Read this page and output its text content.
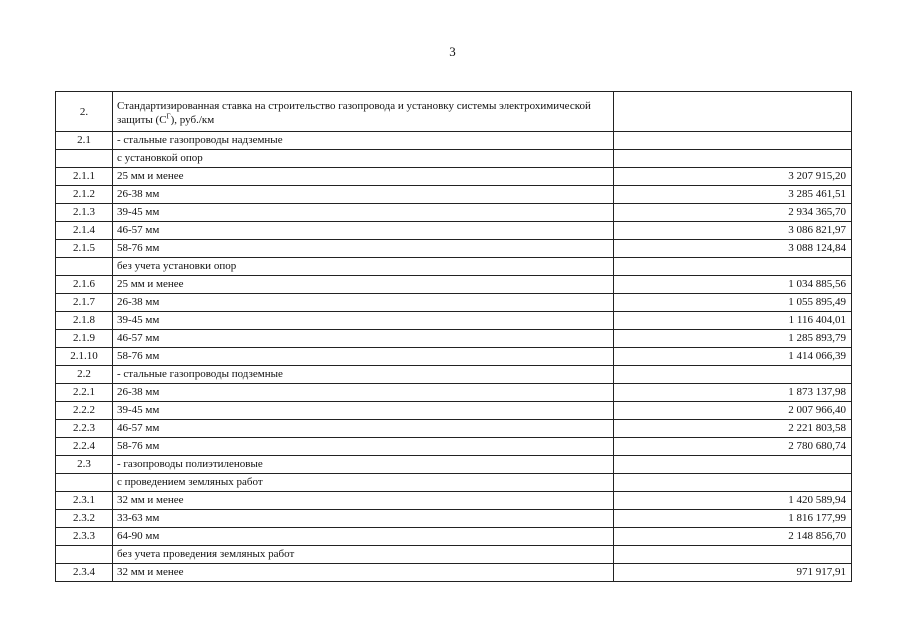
3
2.	Стандартизированная ставка на строительство газопровода и установку системы электрохимической защиты $(C^Г)$, руб./км	
2.1	- стальные газопроводы надземные	
	с установкой опор	
2.1.1	25 мм и менее	3 207 915,20
2.1.2	26-38 мм	3 285 461,51
2.1.3	39-45 мм	2 934 365,70
2.1.4	46-57 мм	3 086 821,97
2.1.5	58-76 мм	3 088 124,84
	без учета установки опор	
2.1.6	25 мм и менее	1 034 885,56
2.1.7	26-38 мм	1 055 895,49
2.1.8	39-45 мм	1 116 404,01
2.1.9	46-57 мм	1 285 893,79
2.1.10	58-76 мм	1 414 066,39
2.2	- стальные газопроводы подземные	
2.2.1	26-38 мм	1 873 137,98
2.2.2	39-45 мм	2 007 966,40
2.2.3	46-57 мм	2 221 803,58
2.2.4	58-76 мм	2 780 680,74
2.3	- газопроводы полиэтиленовые	
	с проведением земляных работ	
2.3.1	32 мм и менее	1 420 589,94
2.3.2	33-63 мм	1 816 177,99
2.3.3	64-90 мм	2 148 856,70
	без учета проведения земляных работ	
2.3.4	32 мм и менее	971 917,91
